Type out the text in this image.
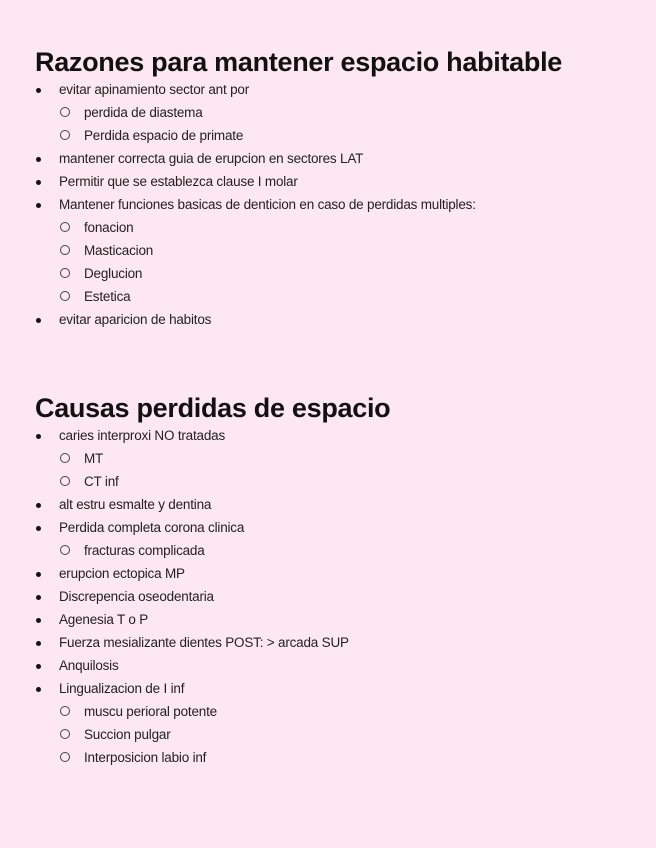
Razones para mantener espacio habitable
evitar apinamiento sector ant por
perdida de diastema
Perdida espacio de primate
mantener correcta guia de erupcion en sectores LAT
Permitir que se establezca clause I molar
Mantener funciones basicas de denticion en caso de perdidas multiples:
fonacion
Masticacion
Deglucion
Estetica
evitar aparicion de habitos
Causas perdidas de espacio
caries interproxi NO tratadas
MT
CT inf
alt estru esmalte y dentina
Perdida completa corona clinica
fracturas complicada
erupcion ectopica MP
Discrepencia oseodentaria
Agenesia T o P
Fuerza mesializante dientes POST: > arcada SUP
Anquilosis
Lingualizacion de I inf
muscu perioral potente
Succion pulgar
Interposicion labio inf
